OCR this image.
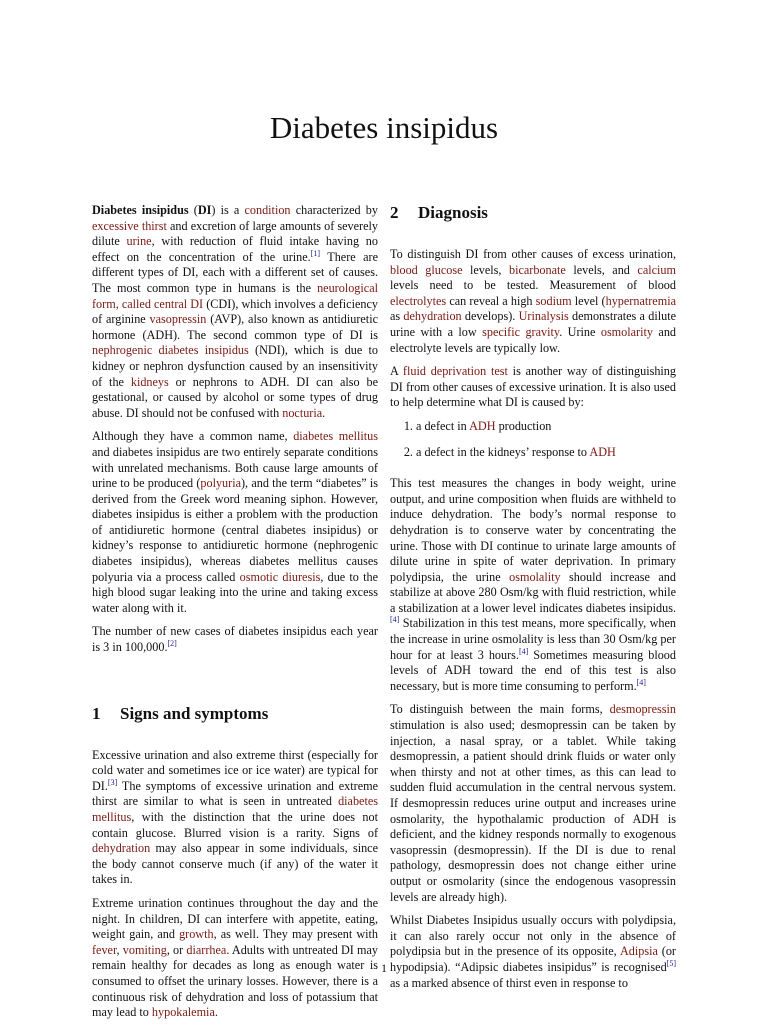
Diabetes insipidus

Diabetes insipidus (DI) is a condition characterized by excessive thirst and excretion of large amounts of severely dilute urine, with reduction of fluid intake having no effect on the concentration of the urine.[1] There are different types of DI, each with a different set of causes. The most common type in humans is the neurological form, called central DI (CDI), which involves a deficiency of arginine vasopressin (AVP), also known as antidiuretic hormone (ADH). The second common type of DI is nephrogenic diabetes insipidus (NDI), which is due to kidney or nephron dysfunction caused by an insensitivity of the kidneys or nephrons to ADH. DI can also be gestational, or caused by alcohol or some types of drug abuse. DI should not be confused with nocturia.

Although they have a common name, diabetes mellitus and diabetes insipidus are two entirely separate conditions with unrelated mechanisms. Both cause large amounts of urine to be produced (polyuria), and the term “diabetes” is derived from the Greek word meaning siphon. However, diabetes insipidus is either a problem with the production of antidiuretic hormone (central diabetes insipidus) or kidney’s response to antidiuretic hormone (nephrogenic diabetes insipidus), whereas diabetes mellitus causes polyuria via a process called osmotic diuresis, due to the high blood sugar leaking into the urine and taking excess water along with it.

The number of new cases of diabetes insipidus each year is 3 in 100,000.[2]

1 Signs and symptoms

Excessive urination and also extreme thirst (especially for cold water and sometimes ice or ice water) are typical for DI.[3] The symptoms of excessive urination and extreme thirst are similar to what is seen in untreated diabetes mellitus, with the distinction that the urine does not contain glucose. Blurred vision is a rarity. Signs of dehydration may also appear in some individuals, since the body cannot conserve much (if any) of the water it takes in.

Extreme urination continues throughout the day and the night. In children, DI can interfere with appetite, eating, weight gain, and growth, as well. They may present with fever, vomiting, or diarrhea. Adults with untreated DI may remain healthy for decades as long as enough water is consumed to offset the urinary losses. However, there is a continuous risk of dehydration and loss of potassium that may lead to hypokalemia.

2 Diagnosis

To distinguish DI from other causes of excess urination, blood glucose levels, bicarbonate levels, and calcium levels need to be tested. Measurement of blood electrolytes can reveal a high sodium level (hypernatremia as dehydration develops). Urinalysis demonstrates a dilute urine with a low specific gravity. Urine osmolarity and electrolyte levels are typically low.

A fluid deprivation test is another way of distinguishing DI from other causes of excessive urination. It is also used to help determine what DI is caused by:

1. a defect in ADH production
2. a defect in the kidneys’ response to ADH

This test measures the changes in body weight, urine output, and urine composition when fluids are withheld to induce dehydration. The body’s normal response to dehydration is to conserve water by concentrating the urine. Those with DI continue to urinate large amounts of dilute urine in spite of water deprivation. In primary polydipsia, the urine osmolality should increase and stabilize at above 280 Osm/kg with fluid restriction, while a stabilization at a lower level indicates diabetes insipidus.[4] Stabilization in this test means, more specifically, when the increase in urine osmolality is less than 30 Osm/kg per hour for at least 3 hours.[4] Sometimes measuring blood levels of ADH toward the end of this test is also necessary, but is more time consuming to perform.[4]

To distinguish between the main forms, desmopressin stimulation is also used; desmopressin can be taken by injection, a nasal spray, or a tablet. While taking desmopressin, a patient should drink fluids or water only when thirsty and not at other times, as this can lead to sudden fluid accumulation in the central nervous system. If desmopressin reduces urine output and increases urine osmolarity, the hypothalamic production of ADH is deficient, and the kidney responds normally to exogenous vasopressin (desmopressin). If the DI is due to renal pathology, desmopressin does not change either urine output or osmolarity (since the endogenous vasopressin levels are already high).

Whilst Diabetes Insipidus usually occurs with polydipsia, it can also rarely occur not only in the absence of polydipsia but in the presence of its opposite, Adipsia (or hypodipsia). “Adipsic diabetes insipidus” is recognised[5] as a marked absence of thirst even in response to

1
